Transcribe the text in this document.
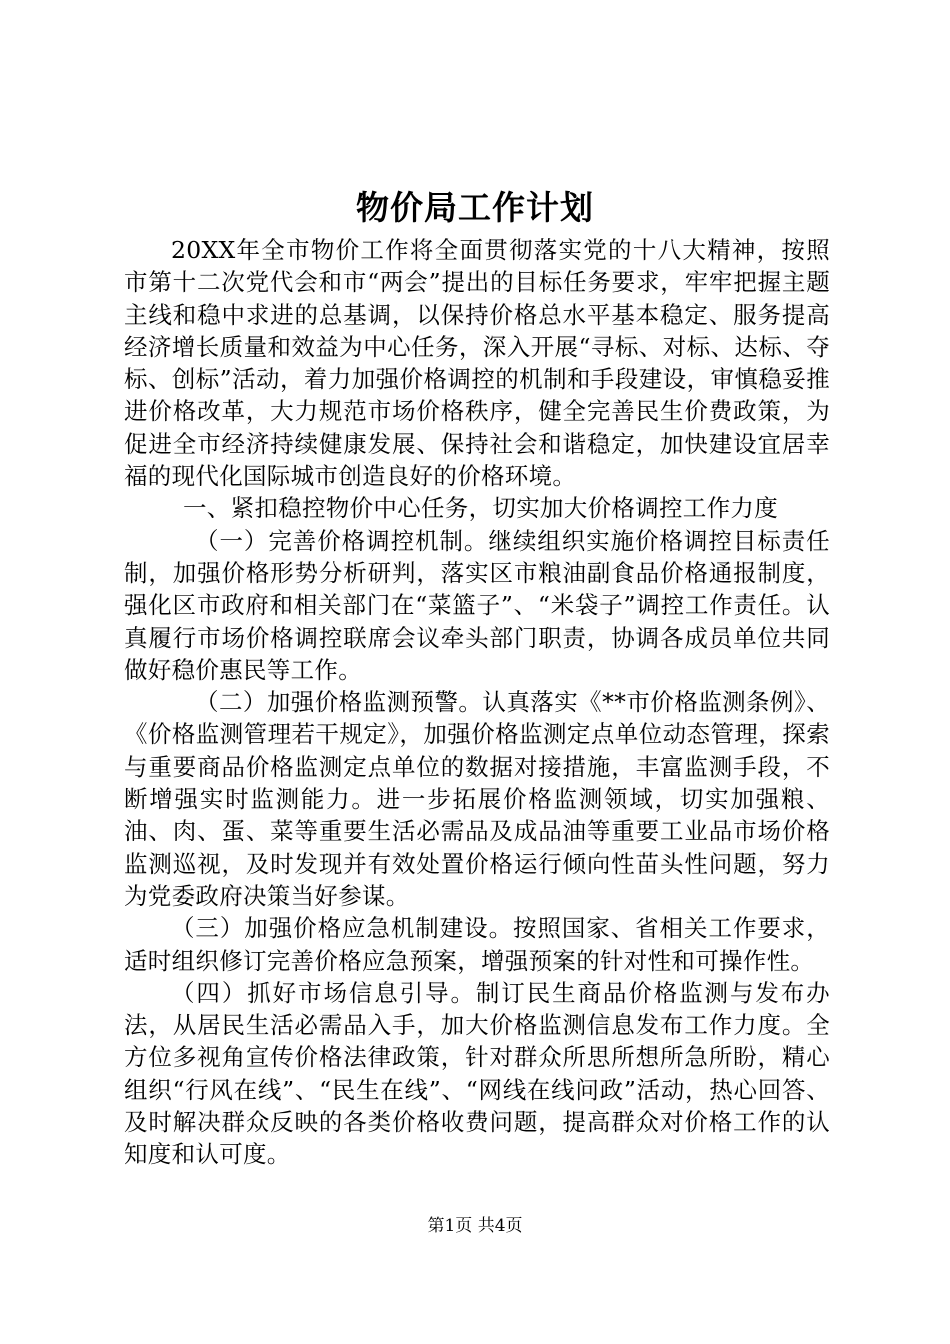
物价局工作计划

20XX年全市物价工作将全面贯彻落实党的十八大精神，按照市第十二次党代会和市“两会”提出的目标任务要求，牢牢把握主题主线和稳中求进的总基调，以保持价格总水平基本稳定、服务提高经济增长质量和效益为中心任务，深入开展“寻标、对标、达标、夺标、创标”活动，着力加强价格调控的机制和手段建设，审慎稳妥推进价格改革，大力规范市场价格秩序，健全完善民生价费政策，为促进全市经济持续健康发展、保持社会和谐稳定，加快建设宜居幸福的现代化国际城市创造良好的价格环境。

一、紧扣稳控物价中心任务，切实加大价格调控工作力度

（一）完善价格调控机制。继续组织实施价格调控目标责任制，加强价格形势分析研判，落实区市粮油副食品价格通报制度，强化区市政府和相关部门在“菜篮子”、“米袋子”调控工作责任。认真履行市场价格调控联席会议牵头部门职责，协调各成员单位共同做好稳价惠民等工作。

（二）加强价格监测预警。认真落实《**市价格监测条例》、《价格监测管理若干规定》，加强价格监测定点单位动态管理，探索与重要商品价格监测定点单位的数据对接措施，丰富监测手段，不断增强实时监测能力。进一步拓展价格监测领域，切实加强粮、油、肉、蛋、菜等重要生活必需品及成品油等重要工业品市场价格监测巡视，及时发现并有效处置价格运行倾向性苗头性问题，努力为党委政府决策当好参谋。

（三）加强价格应急机制建设。按照国家、省相关工作要求，适时组织修订完善价格应急预案，增强预案的针对性和可操作性。

（四）抓好市场信息引导。制订民生商品价格监测与发布办法，从居民生活必需品入手，加大价格监测信息发布工作力度。全方位多视角宣传价格法律政策，针对群众所思所想所急所盼，精心组织“行风在线”、“民生在线”、“网线在线问政”活动，热心回答、及时解决群众反映的各类价格收费问题，提高群众对价格工作的认知度和认可度。

第1页 共4页
